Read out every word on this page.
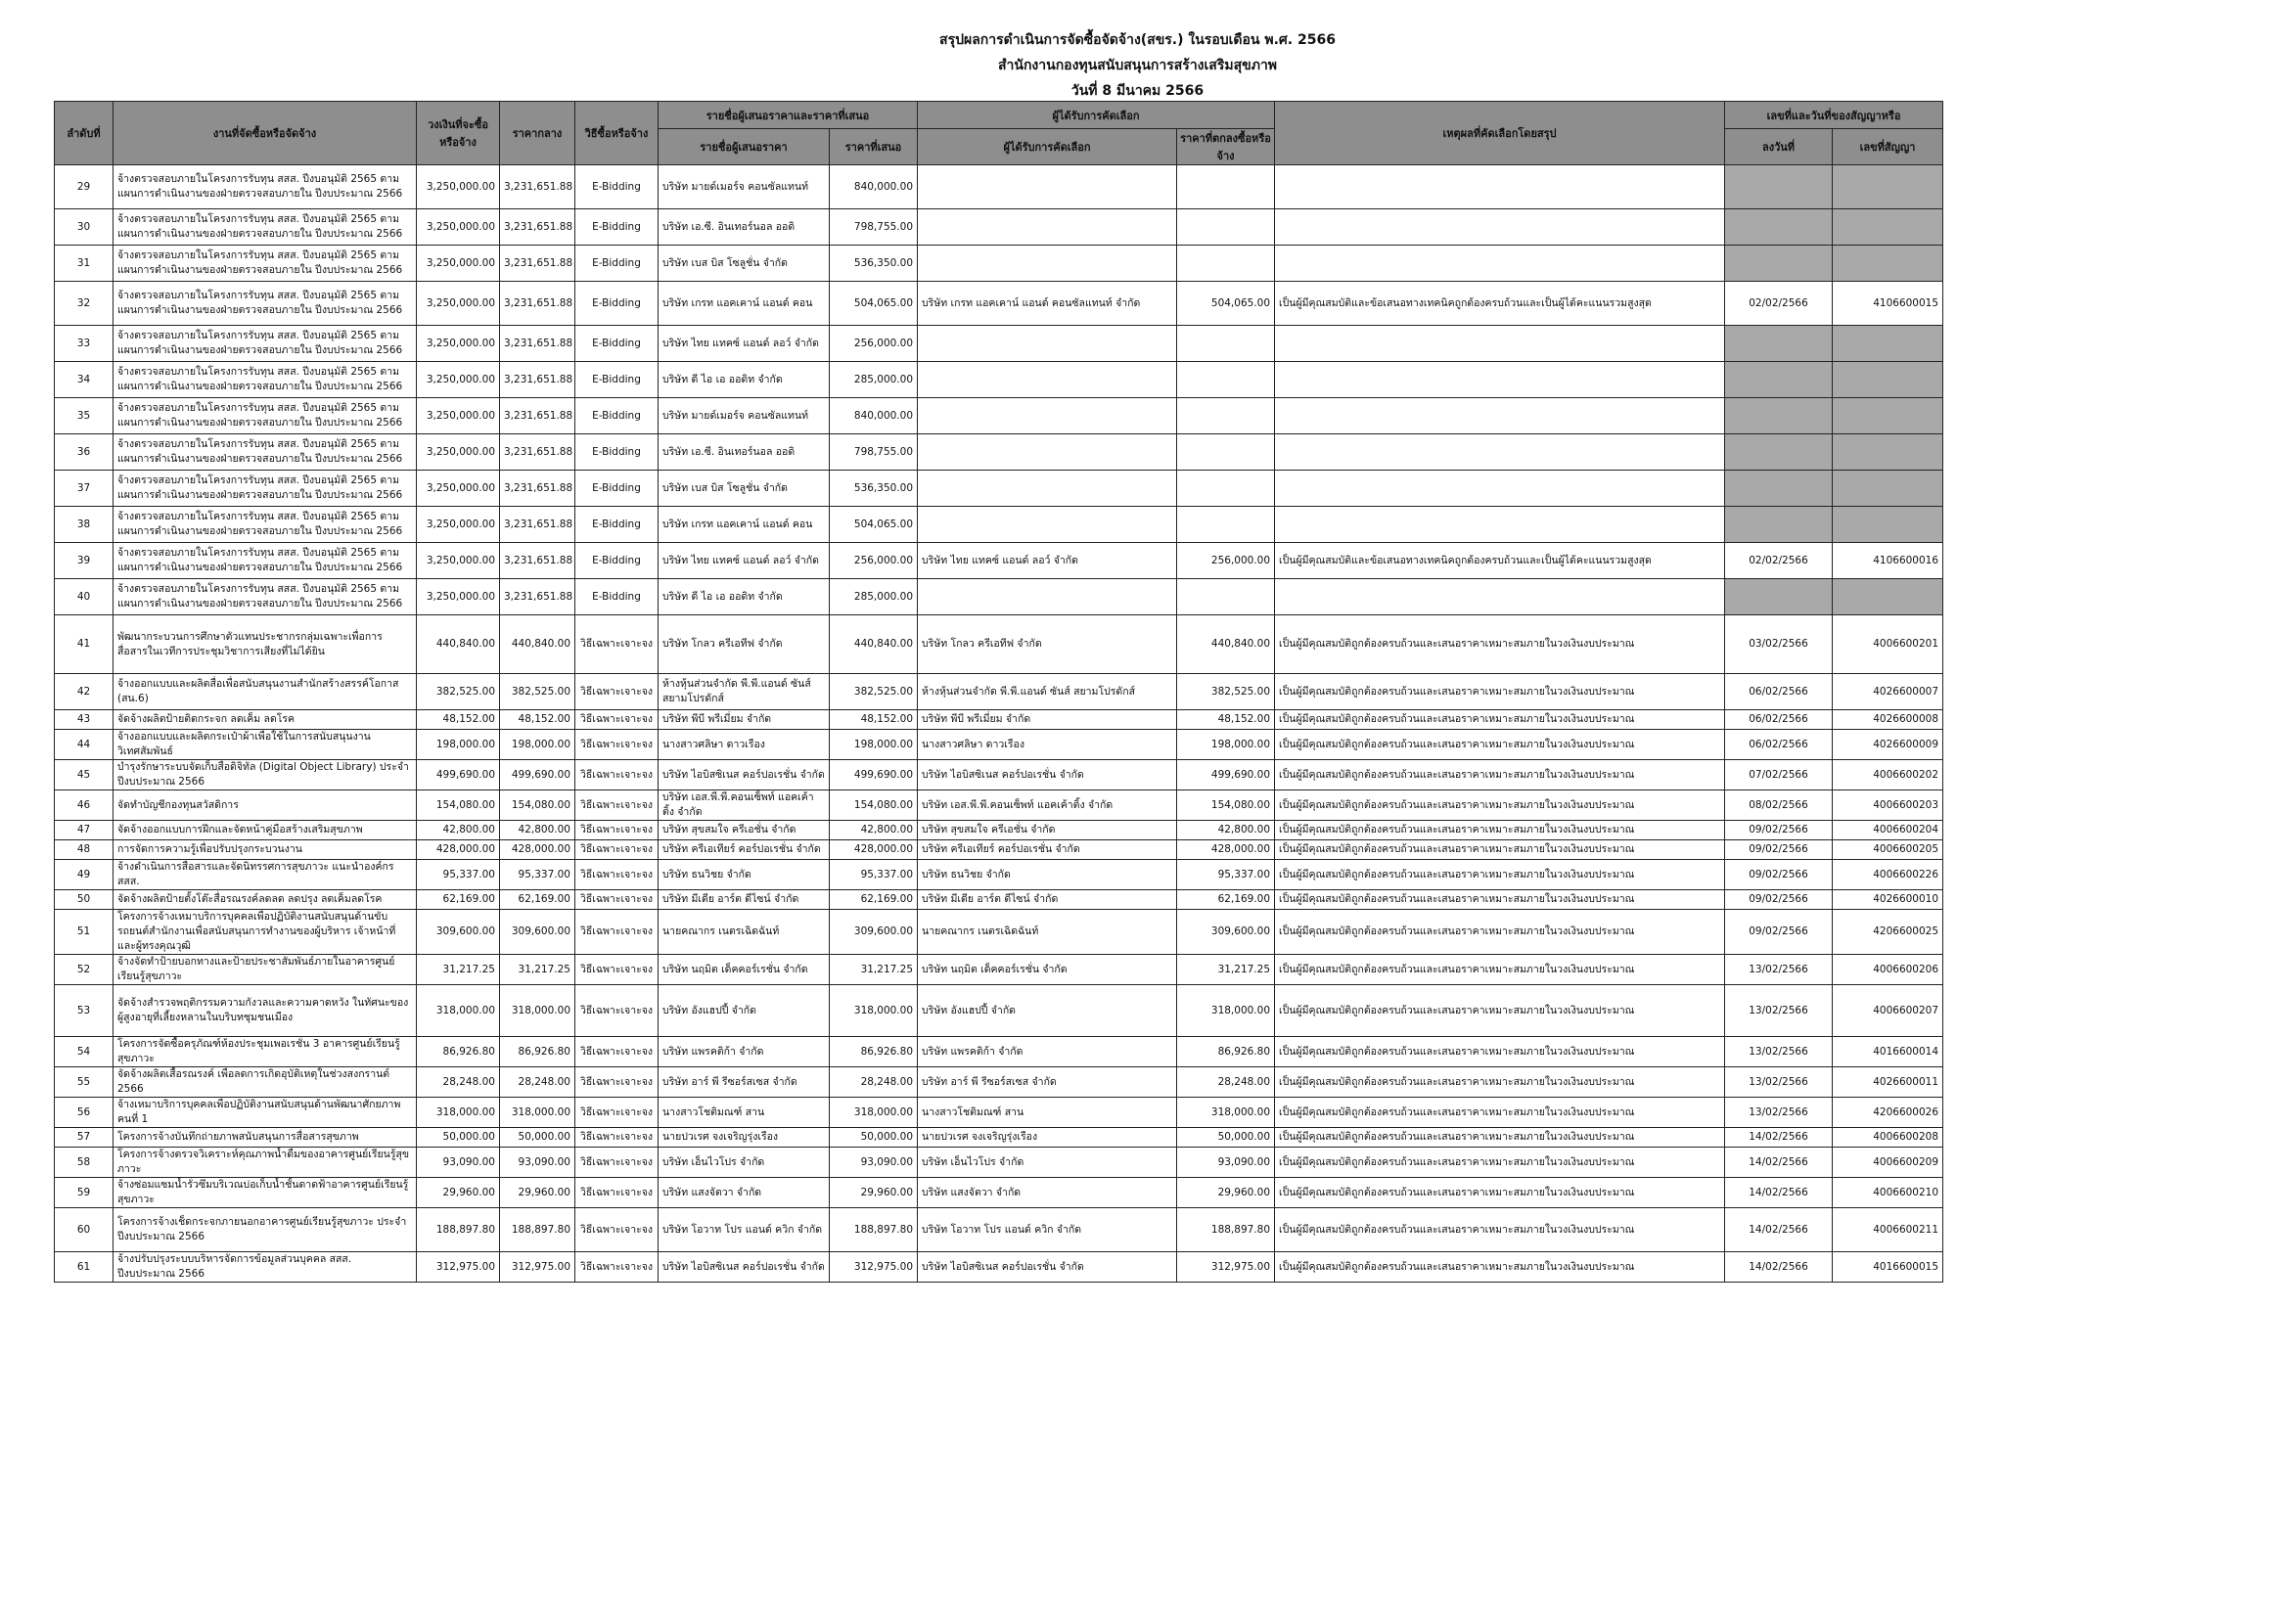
สรุปผลการดำเนินการจัดซื้อจัดจ้าง(สขร.) ในรอบเดือน พ.ศ. 2566
สำนักงานกองทุนสนับสนุนการสร้างเสริมสุขภาพ
วันที่ 8 มีนาคม 2566
ลำดับที่	งานที่จัดซื้อหรือจัดจ้าง	วงเงินที่จะซื้อหรือจ้าง	ราคากลาง	วิธีซื้อหรือจ้าง	รายชื่อผู้เสนอราคาและราคาที่เสนอ		ผู้ได้รับการคัดเลือก		เหตุผลที่คัดเลือกโดยสรุป	เลขที่และวันที่ของสัญญาหรือ		
					รายชื่อผู้เสนอราคา	ราคาที่เสนอ	ผู้ได้รับการคัดเลือก	ราคาที่ตกลงซื้อหรือจ้าง		ลงวันที่	เลขที่สัญญา	
29	จ้างตรวจสอบภายในโครงการรับทุน สสส. ปีงบอนุมัติ 2565 ตามแผนการดำเนินงานของฝ่ายตรวจสอบภายใน ปีงบประมาณ 2566	3,250,000.00	3,231,651.88	E-Bidding	บริษัท มายด์เมอร์จ คอนซัลแทนท์	840,000.00						
30	จ้างตรวจสอบภายในโครงการรับทุน สสส. ปีงบอนุมัติ 2565 ตามแผนการดำเนินงานของฝ่ายตรวจสอบภายใน ปีงบประมาณ 2566	3,250,000.00	3,231,651.88	E-Bidding	บริษัท เอ.ซี. อินเทอร์นอล ออดิ	798,755.00						
31	จ้างตรวจสอบภายในโครงการรับทุน สสส. ปีงบอนุมัติ 2565 ตามแผนการดำเนินงานของฝ่ายตรวจสอบภายใน ปีงบประมาณ 2566	3,250,000.00	3,231,651.88	E-Bidding	บริษัท เบส บิส โซลูชั่น จำกัด	536,350.00						
32	จ้างตรวจสอบภายในโครงการรับทุน สสส. ปีงบอนุมัติ 2565 ตามแผนการดำเนินงานของฝ่ายตรวจสอบภายใน ปีงบประมาณ 2566	3,250,000.00	3,231,651.88	E-Bidding	บริษัท เกรท แอคเคาน์ แอนด์ คอน	504,065.00	บริษัท เกรท แอคเคาน์ แอนด์ คอนซัลแทนท์ จำกัด	504,065.00	เป็นผู้มีคุณสมบัติและข้อเสนอทางเทคนิคถูกต้องครบถ้วนและเป็นผู้ได้คะแนนรวมสูงสุด	02/02/2566	4106600015	
33	จ้างตรวจสอบภายในโครงการรับทุน สสส. ปีงบอนุมัติ 2565 ตามแผนการดำเนินงานของฝ่ายตรวจสอบภายใน ปีงบประมาณ 2566	3,250,000.00	3,231,651.88	E-Bidding	บริษัท ไทย แทคซ์ แอนด์ ลอว์ จำกัด	256,000.00						
34	จ้างตรวจสอบภายในโครงการรับทุน สสส. ปีงบอนุมัติ 2565 ตามแผนการดำเนินงานของฝ่ายตรวจสอบภายใน ปีงบประมาณ 2566	3,250,000.00	3,231,651.88	E-Bidding	บริษัท ดี ไอ เอ ออดิท จำกัด	285,000.00						
35	จ้างตรวจสอบภายในโครงการรับทุน สสส. ปีงบอนุมัติ 2565 ตามแผนการดำเนินงานของฝ่ายตรวจสอบภายใน ปีงบประมาณ 2566	3,250,000.00	3,231,651.88	E-Bidding	บริษัท มายด์เมอร์จ คอนซัลแทนท์	840,000.00						
36	จ้างตรวจสอบภายในโครงการรับทุน สสส. ปีงบอนุมัติ 2565 ตามแผนการดำเนินงานของฝ่ายตรวจสอบภายใน ปีงบประมาณ 2566	3,250,000.00	3,231,651.88	E-Bidding	บริษัท เอ.ซี. อินเทอร์นอล ออดิ	798,755.00						
37	จ้างตรวจสอบภายในโครงการรับทุน สสส. ปีงบอนุมัติ 2565 ตามแผนการดำเนินงานของฝ่ายตรวจสอบภายใน ปีงบประมาณ 2566	3,250,000.00	3,231,651.88	E-Bidding	บริษัท เบส บิส โซลูชั่น จำกัด	536,350.00						
38	จ้างตรวจสอบภายในโครงการรับทุน สสส. ปีงบอนุมัติ 2565 ตามแผนการดำเนินงานของฝ่ายตรวจสอบภายใน ปีงบประมาณ 2566	3,250,000.00	3,231,651.88	E-Bidding	บริษัท เกรท แอคเคาน์ แอนด์ คอน	504,065.00						
39	จ้างตรวจสอบภายในโครงการรับทุน สสส. ปีงบอนุมัติ 2565 ตามแผนการดำเนินงานของฝ่ายตรวจสอบภายใน ปีงบประมาณ 2566	3,250,000.00	3,231,651.88	E-Bidding	บริษัท ไทย แทคซ์ แอนด์ ลอว์ จำกัด	256,000.00	บริษัท ไทย แทคซ์ แอนด์ ลอว์ จำกัด	256,000.00	เป็นผู้มีคุณสมบัติและข้อเสนอทางเทคนิคถูกต้องครบถ้วนและเป็นผู้ได้คะแนนรวมสูงสุด	02/02/2566	4106600016	
40	จ้างตรวจสอบภายในโครงการรับทุน สสส. ปีงบอนุมัติ 2565 ตามแผนการดำเนินงานของฝ่ายตรวจสอบภายใน ปีงบประมาณ 2566	3,250,000.00	3,231,651.88	E-Bidding	บริษัท ดี ไอ เอ ออดิท จำกัด	285,000.00						
41	พัฒนากระบวนการศึกษาตัวแทนประชากรกลุ่มเฉพาะเพื่อการสื่อสารในเวทีการประชุมวิชาการเสียงที่ไม่ได้ยิน	440,840.00	440,840.00	วิธีเฉพาะเจาะจง	บริษัท โกลว ครีเอทีฟ จำกัด	440,840.00	บริษัท โกลว ครีเอทีฟ จำกัด	440,840.00	เป็นผู้มีคุณสมบัติถูกต้องครบถ้วนและเสนอราคาเหมาะสมภายในวงเงินงบประมาณ	03/02/2566	4006600201	
42	จ้างออกแบบและผลิตสื่อเพื่อสนับสนุนงานสำนักสร้างสรรค์โอกาส (สน.6)	382,525.00	382,525.00	วิธีเฉพาะเจาะจง	ห้างหุ้นส่วนจำกัด พี.พี.แอนด์ ซันส์ สยามโปรดักส์	382,525.00	ห้างหุ้นส่วนจำกัด พี.พี.แอนด์ ซันส์ สยามโปรดักส์	382,525.00	เป็นผู้มีคุณสมบัติถูกต้องครบถ้วนและเสนอราคาเหมาะสมภายในวงเงินงบประมาณ	06/02/2566	4026600007	
43	จัดจ้างผลิตป้ายติดกระจก ลดเค็ม ลดโรค	48,152.00	48,152.00	วิธีเฉพาะเจาะจง	บริษัท พีบี พรีเมี่ยม จำกัด	48,152.00	บริษัท พีบี พรีเมี่ยม จำกัด	48,152.00	เป็นผู้มีคุณสมบัติถูกต้องครบถ้วนและเสนอราคาเหมาะสมภายในวงเงินงบประมาณ	06/02/2566	4026600008	
44	จ้างออกแบบและผลิตกระเป๋าผ้าเพื่อใช้ในการสนับสนุนงานวิเทศสัมพันธ์	198,000.00	198,000.00	วิธีเฉพาะเจาะจง	นางสาวศลิษา ดาวเรือง	198,000.00	นางสาวศลิษา ดาวเรือง	198,000.00	เป็นผู้มีคุณสมบัติถูกต้องครบถ้วนและเสนอราคาเหมาะสมภายในวงเงินงบประมาณ	06/02/2566	4026600009	
45	บำรุงรักษาระบบจัดเก็บสื่อดิจิทัล (Digital Object Library) ประจำปีงบประมาณ 2566	499,690.00	499,690.00	วิธีเฉพาะเจาะจง	บริษัท ไอบิสซิเนส คอร์ปอเรชั่น จำกัด	499,690.00	บริษัท ไอบิสซิเนส คอร์ปอเรชั่น จำกัด	499,690.00	เป็นผู้มีคุณสมบัติถูกต้องครบถ้วนและเสนอราคาเหมาะสมภายในวงเงินงบประมาณ	07/02/2566	4006600202	
46	จัดทำบัญชีกองทุนสวัสดิการ	154,080.00	154,080.00	วิธีเฉพาะเจาะจง	บริษัท เอส.พี.พี.คอนเซ็พท์ แอคเค้าติ้ง จำกัด	154,080.00	บริษัท เอส.พี.พี.คอนเซ็พท์ แอคเค้าติ้ง จำกัด	154,080.00	เป็นผู้มีคุณสมบัติถูกต้องครบถ้วนและเสนอราคาเหมาะสมภายในวงเงินงบประมาณ	08/02/2566	4006600203	
47	จัดจ้างออกแบบการฝึกและจัดหน้าคู่มือสร้างเสริมสุขภาพ	42,800.00	42,800.00	วิธีเฉพาะเจาะจง	บริษัท สุขสมใจ ครีเอชั่น จำกัด	42,800.00	บริษัท สุขสมใจ ครีเอชั่น จำกัด	42,800.00	เป็นผู้มีคุณสมบัติถูกต้องครบถ้วนและเสนอราคาเหมาะสมภายในวงเงินงบประมาณ	09/02/2566	4006600204	
48	การจัดการความรู้เพื่อปรับปรุงกระบวนงาน	428,000.00	428,000.00	วิธีเฉพาะเจาะจง	บริษัท ครีเอเทียร์ คอร์ปอเรชั่น จำกัด	428,000.00	บริษัท ครีเอเทียร์ คอร์ปอเรชั่น จำกัด	428,000.00	เป็นผู้มีคุณสมบัติถูกต้องครบถ้วนและเสนอราคาเหมาะสมภายในวงเงินงบประมาณ	09/02/2566	4006600205	
49	จ้างดำเนินการสื่อสารและจัดนิทรรศการสุขภาวะ แนะนำองค์กร สสส.	95,337.00	95,337.00	วิธีเฉพาะเจาะจง	บริษัท ธนวิชย จำกัด	95,337.00	บริษัท ธนวิชย จำกัด	95,337.00	เป็นผู้มีคุณสมบัติถูกต้องครบถ้วนและเสนอราคาเหมาะสมภายในวงเงินงบประมาณ	09/02/2566	4006600226	
50	จัดจ้างผลิตป้ายตั้งโต๊ะสื่อรณรงค์ลดลด ลดปรุง ลดเค็มลดโรค	62,169.00	62,169.00	วิธีเฉพาะเจาะจง	บริษัท มีเดีย อาร์ต ดีไซน์ จำกัด	62,169.00	บริษัท มีเดีย อาร์ต ดีไซน์ จำกัด	62,169.00	เป็นผู้มีคุณสมบัติถูกต้องครบถ้วนและเสนอราคาเหมาะสมภายในวงเงินงบประมาณ	09/02/2566	4026600010	
51	โครงการจ้างเหมาบริการบุคคลเพื่อปฏิบัติงานสนับสนุนด้านขับรถยนต์สำนักงานเพื่อสนับสนุนการทำงานของผู้บริหาร เจ้าหน้าที่ และผู้ทรงคุณวุฒิ	309,600.00	309,600.00	วิธีเฉพาะเจาะจง	นายคณากร เนตรเฉิดฉันท์	309,600.00	นายคณากร เนตรเฉิดฉันท์	309,600.00	เป็นผู้มีคุณสมบัติถูกต้องครบถ้วนและเสนอราคาเหมาะสมภายในวงเงินงบประมาณ	09/02/2566	4206600025	
52	จ้างจัดทำป้ายบอกทางและป้ายประชาสัมพันธ์ภายในอาคารศูนย์เรียนรู้สุขภาวะ	31,217.25	31,217.25	วิธีเฉพาะเจาะจง	บริษัท นฤมิต เด็คคอร์เรชั่น จำกัด	31,217.25	บริษัท นฤมิต เด็คคอร์เรชั่น จำกัด	31,217.25	เป็นผู้มีคุณสมบัติถูกต้องครบถ้วนและเสนอราคาเหมาะสมภายในวงเงินงบประมาณ	13/02/2566	4006600206	
53	จัดจ้างสำรวจพฤติกรรมความกังวลและความคาดหวัง ในทัศนะของผู้สูงอายุที่เลี้ยงหลานในบริบทชุมชนเมือง	318,000.00	318,000.00	วิธีเฉพาะเจาะจง	บริษัท อังแฮปปี้ จำกัด	318,000.00	บริษัท อังแฮปปี้ จำกัด	318,000.00	เป็นผู้มีคุณสมบัติถูกต้องครบถ้วนและเสนอราคาเหมาะสมภายในวงเงินงบประมาณ	13/02/2566	4006600207	
54	โครงการจัดซื้อครุภัณฑ์ห้องประชุมเพอเรชั่น 3 อาคารศูนย์เรียนรู้สุขภาวะ	86,926.80	86,926.80	วิธีเฉพาะเจาะจง	บริษัท แพรคติก้า จำกัด	86,926.80	บริษัท แพรคติก้า จำกัด	86,926.80	เป็นผู้มีคุณสมบัติถูกต้องครบถ้วนและเสนอราคาเหมาะสมภายในวงเงินงบประมาณ	13/02/2566	4016600014	
55	จัดจ้างผลิตเสื้อรณรงค์ เพื่อลดการเกิดอุบัติเหตุในช่วงสงกรานต์ 2566	28,248.00	28,248.00	วิธีเฉพาะเจาะจง	บริษัท อาร์ พี รีซอร์สเซส จำกัด	28,248.00	บริษัท อาร์ พี รีซอร์สเซส จำกัด	28,248.00	เป็นผู้มีคุณสมบัติถูกต้องครบถ้วนและเสนอราคาเหมาะสมภายในวงเงินงบประมาณ	13/02/2566	4026600011	
56	จ้างเหมาบริการบุคคลเพื่อปฏิบัติงานสนับสนุนด้านพัฒนาศักยภาพ คนที่ 1	318,000.00	318,000.00	วิธีเฉพาะเจาะจง	นางสาวโชติมณฑ์ สาน	318,000.00	นางสาวโชติมณฑ์ สาน	318,000.00	เป็นผู้มีคุณสมบัติถูกต้องครบถ้วนและเสนอราคาเหมาะสมภายในวงเงินงบประมาณ	13/02/2566	4206600026	
57	โครงการจ้างบันทึกถ่ายภาพสนับสนุนการสื่อสารสุขภาพ	50,000.00	50,000.00	วิธีเฉพาะเจาะจง	นายปวเรศ จงเจริญรุ่งเรือง	50,000.00	นายปวเรศ จงเจริญรุ่งเรือง	50,000.00	เป็นผู้มีคุณสมบัติถูกต้องครบถ้วนและเสนอราคาเหมาะสมภายในวงเงินงบประมาณ	14/02/2566	4006600208	
58	โครงการจ้างตรวจวิเคราะห์คุณภาพน้ำดื่มของอาคารศูนย์เรียนรู้สุขภาวะ	93,090.00	93,090.00	วิธีเฉพาะเจาะจง	บริษัท เอ็นไวโปร จำกัด	93,090.00	บริษัท เอ็นไวโปร จำกัด	93,090.00	เป็นผู้มีคุณสมบัติถูกต้องครบถ้วนและเสนอราคาเหมาะสมภายในวงเงินงบประมาณ	14/02/2566	4006600209	
59	จ้างซ่อมแซมน้ำรั่วซึมบริเวณบ่อเก็บน้ำชั้นดาดฟ้าอาคารศูนย์เรียนรู้สุขภาวะ	29,960.00	29,960.00	วิธีเฉพาะเจาะจง	บริษัท แสงจัตวา จำกัด	29,960.00	บริษัท แสงจัตวา จำกัด	29,960.00	เป็นผู้มีคุณสมบัติถูกต้องครบถ้วนและเสนอราคาเหมาะสมภายในวงเงินงบประมาณ	14/02/2566	4006600210	
60	โครงการจ้างเช็ดกระจกภายนอกอาคารศูนย์เรียนรู้สุขภาวะ ประจำปีงบประมาณ 2566	188,897.80	188,897.80	วิธีเฉพาะเจาะจง	บริษัท โอวาท โปร แอนด์ ควิก จำกัด	188,897.80	บริษัท โอวาท โปร แอนด์ ควิก จำกัด	188,897.80	เป็นผู้มีคุณสมบัติถูกต้องครบถ้วนและเสนอราคาเหมาะสมภายในวงเงินงบประมาณ	14/02/2566	4006600211	
61	จ้างปรับปรุงระบบบริหารจัดการข้อมูลส่วนบุคคล สสส. ปีงบประมาณ 2566	312,975.00	312,975.00	วิธีเฉพาะเจาะจง	บริษัท ไอบิสซิเนส คอร์ปอเรชั่น จำกัด	312,975.00	บริษัท ไอบิสซิเนส คอร์ปอเรชั่น จำกัด	312,975.00	เป็นผู้มีคุณสมบัติถูกต้องครบถ้วนและเสนอราคาเหมาะสมภายในวงเงินงบประมาณ	14/02/2566	4016600015	
